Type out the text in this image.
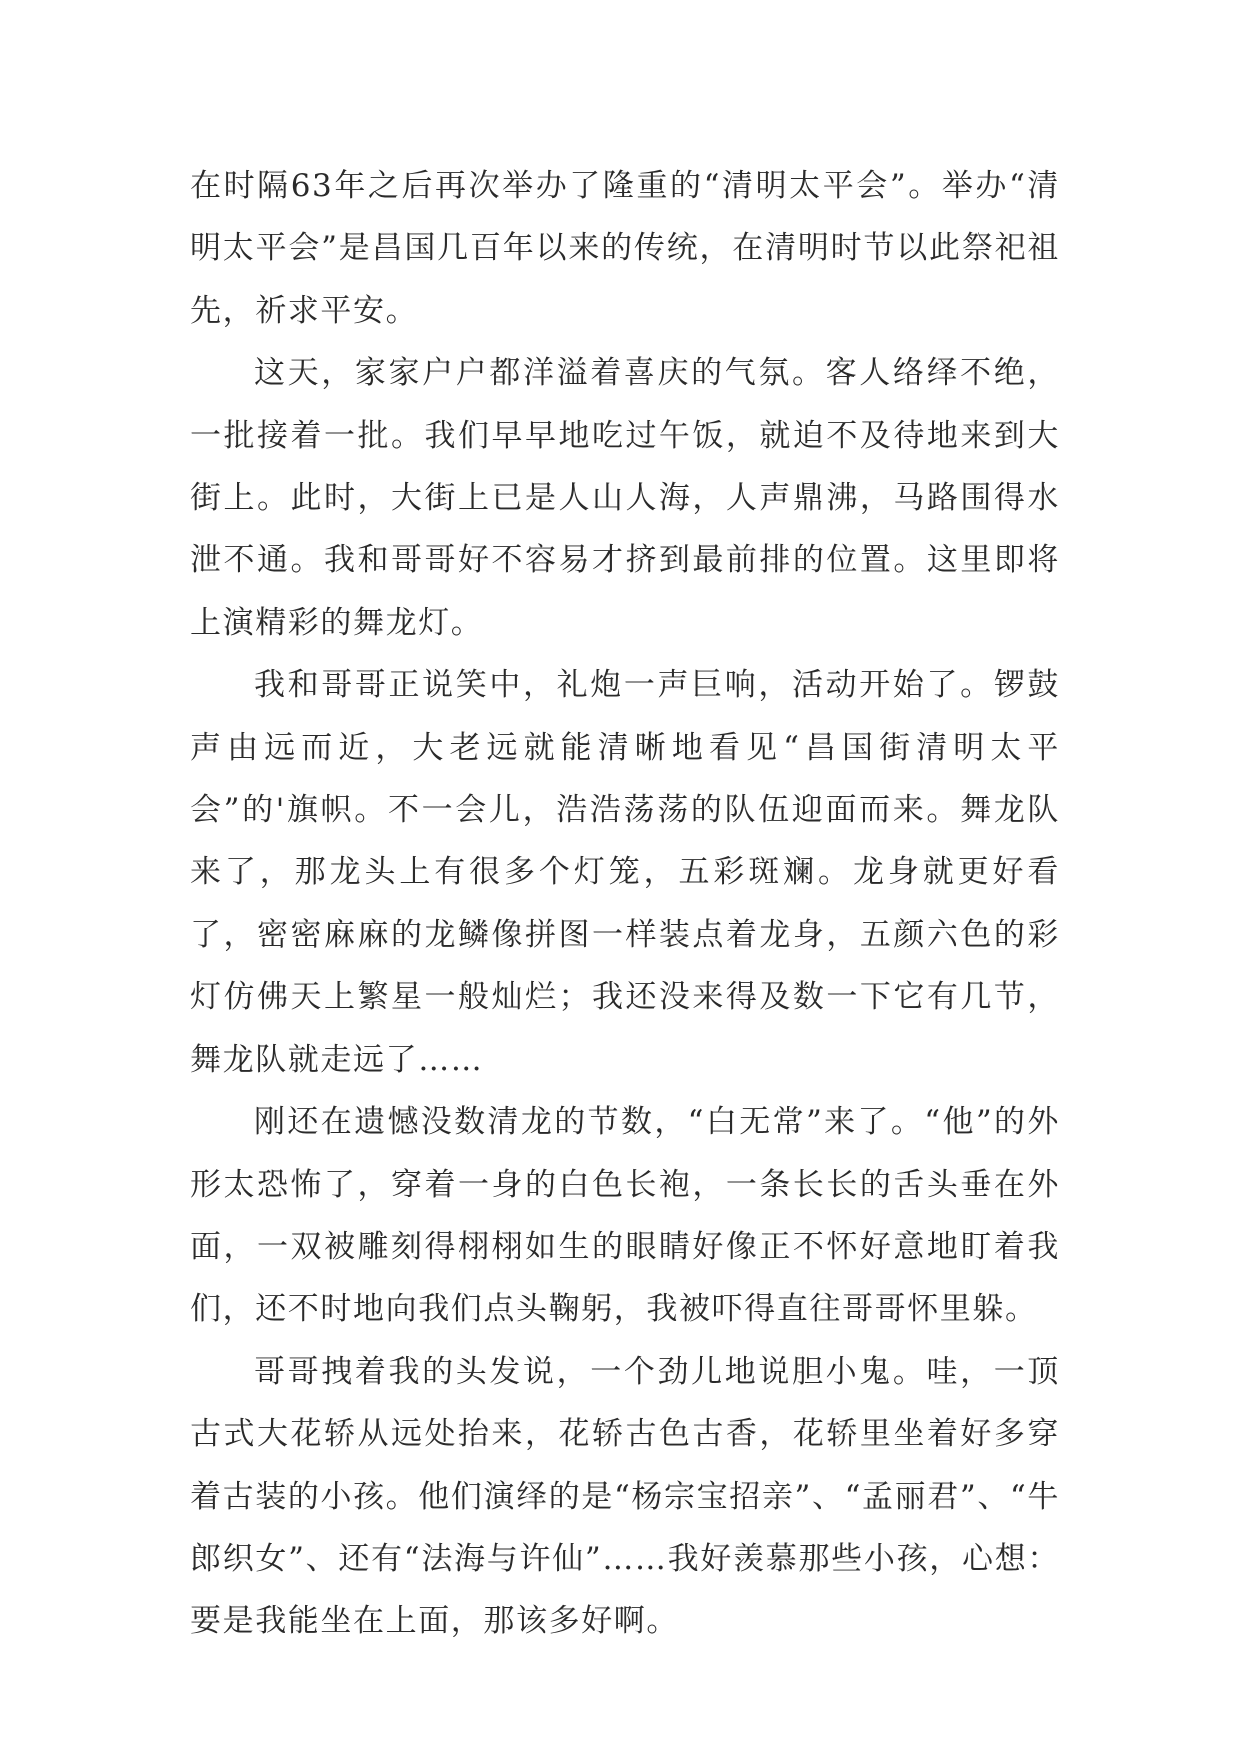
在时隔63年之后再次举办了隆重的“清明太平会”。举办“清明太平会”是昌国几百年以来的传统，在清明时节以此祭祀祖先，祈求平安。

这天，家家户户都洋溢着喜庆的气氛。客人络绎不绝，一批接着一批。我们早早地吃过午饭，就迫不及待地来到大街上。此时，大街上已是人山人海，人声鼎沸，马路围得水泄不通。我和哥哥好不容易才挤到最前排的位置。这里即将上演精彩的舞龙灯。

我和哥哥正说笑中，礼炮一声巨响，活动开始了。锣鼓声由远而近，大老远就能清晰地看见“昌国街清明太平会”的'旗帜。不一会儿，浩浩荡荡的队伍迎面而来。舞龙队来了，那龙头上有很多个灯笼，五彩斑斓。龙身就更好看了，密密麻麻的龙鳞像拼图一样装点着龙身，五颜六色的彩灯仿佛天上繁星一般灿烂；我还没来得及数一下它有几节，舞龙队就走远了……

刚还在遗憾没数清龙的节数，“白无常”来了。“他”的外形太恐怖了，穿着一身的白色长袍，一条长长的舌头垂在外面，一双被雕刻得栩栩如生的眼睛好像正不怀好意地盯着我们，还不时地向我们点头鞠躬，我被吓得直往哥哥怀里躲。

哥哥拽着我的头发说，一个劲儿地说胆小鬼。哇，一顶古式大花轿从远处抬来，花轿古色古香，花轿里坐着好多穿着古装的小孩。他们演绎的是“杨宗宝招亲”、“孟丽君”、“牛郎织女”、还有“法海与许仙”……我好羡慕那些小孩，心想：要是我能坐在上面，那该多好啊。
